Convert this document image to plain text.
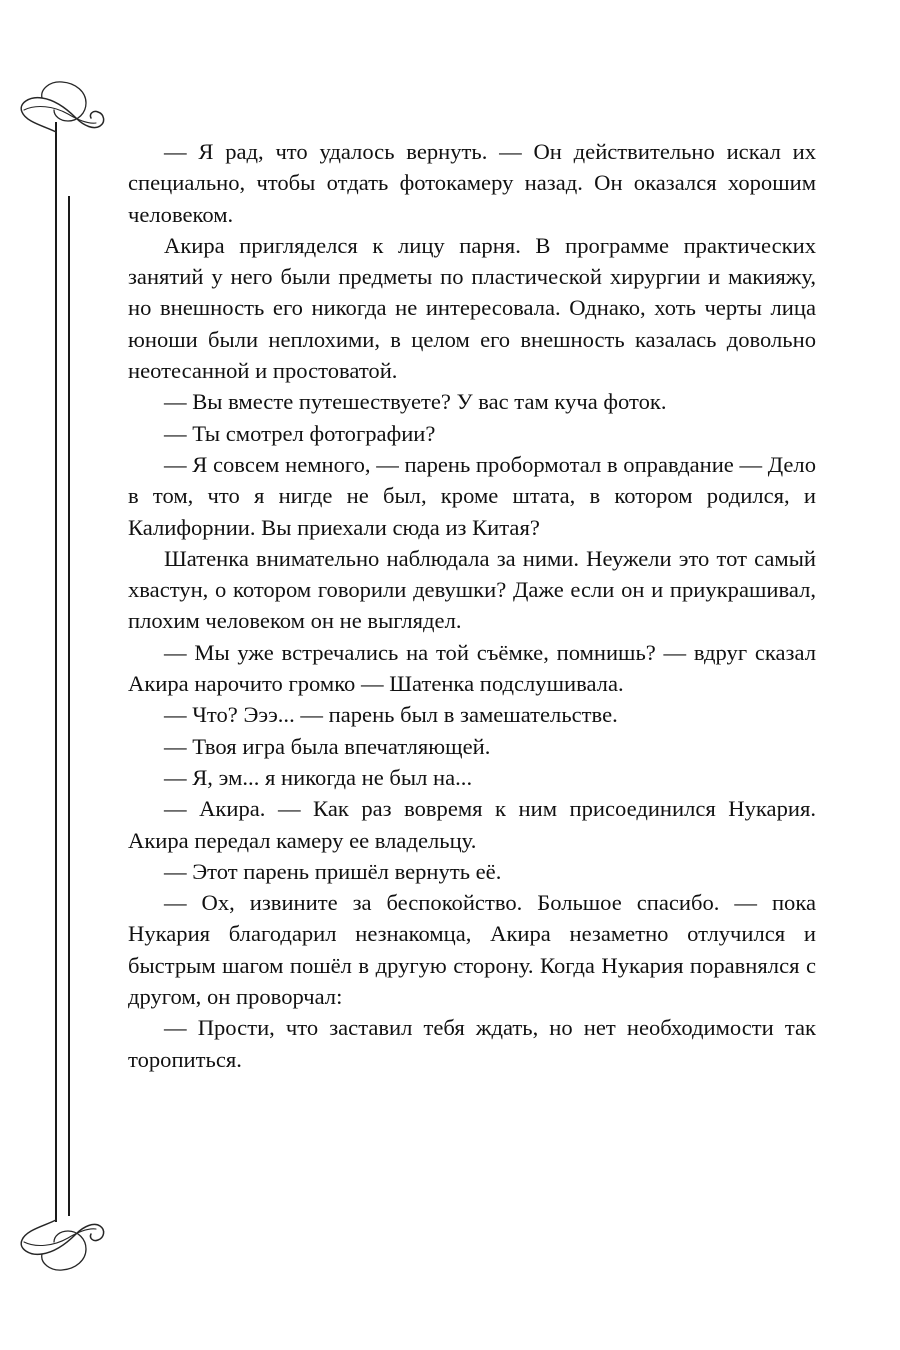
— Я рад, что удалось вернуть. — Он действительно искал их специально, чтобы отдать фотокамеру назад. Он оказался хорошим человеком.

Акира пригляделся к лицу парня. В программе практических занятий у него были предметы по пластической хирургии и макияжу, но внешность его никогда не интересовала. Однако, хоть черты лица юноши были неплохими, в целом его внешность казалась довольно неотесанной и простоватой.

— Вы вместе путешествуете? У вас там куча фоток.

— Ты смотрел фотографии?

— Я совсем немного, — парень пробормотал в оправдание — Дело в том, что я нигде не был, кроме штата, в котором родился, и Калифорнии. Вы приехали сюда из Китая?

Шатенка внимательно наблюдала за ними. Неужели это тот самый хвастун, о котором говорили девушки? Даже если он и приукрашивал, плохим человеком он не выглядел.

— Мы уже встречались на той съёмке, помнишь? — вдруг сказал Акира нарочито громко — Шатенка подслушивала.

— Что? Эээ... — парень был в замешательстве.

— Твоя игра была впечатляющей.

— Я, эм... я никогда не был на...

— Акира. — Как раз вовремя к ним присоединился Нукария. Акира передал камеру ее владельцу.

— Этот парень пришёл вернуть её.

— Ох, извините за беспокойство. Большое спасибо. — пока Нукария благодарил незнакомца, Акира незаметно отлучился и быстрым шагом пошёл в другую сторону. Когда Нукария поравнялся с другом, он проворчал:

— Прости, что заставил тебя ждать, но нет необходимости так торопиться.
